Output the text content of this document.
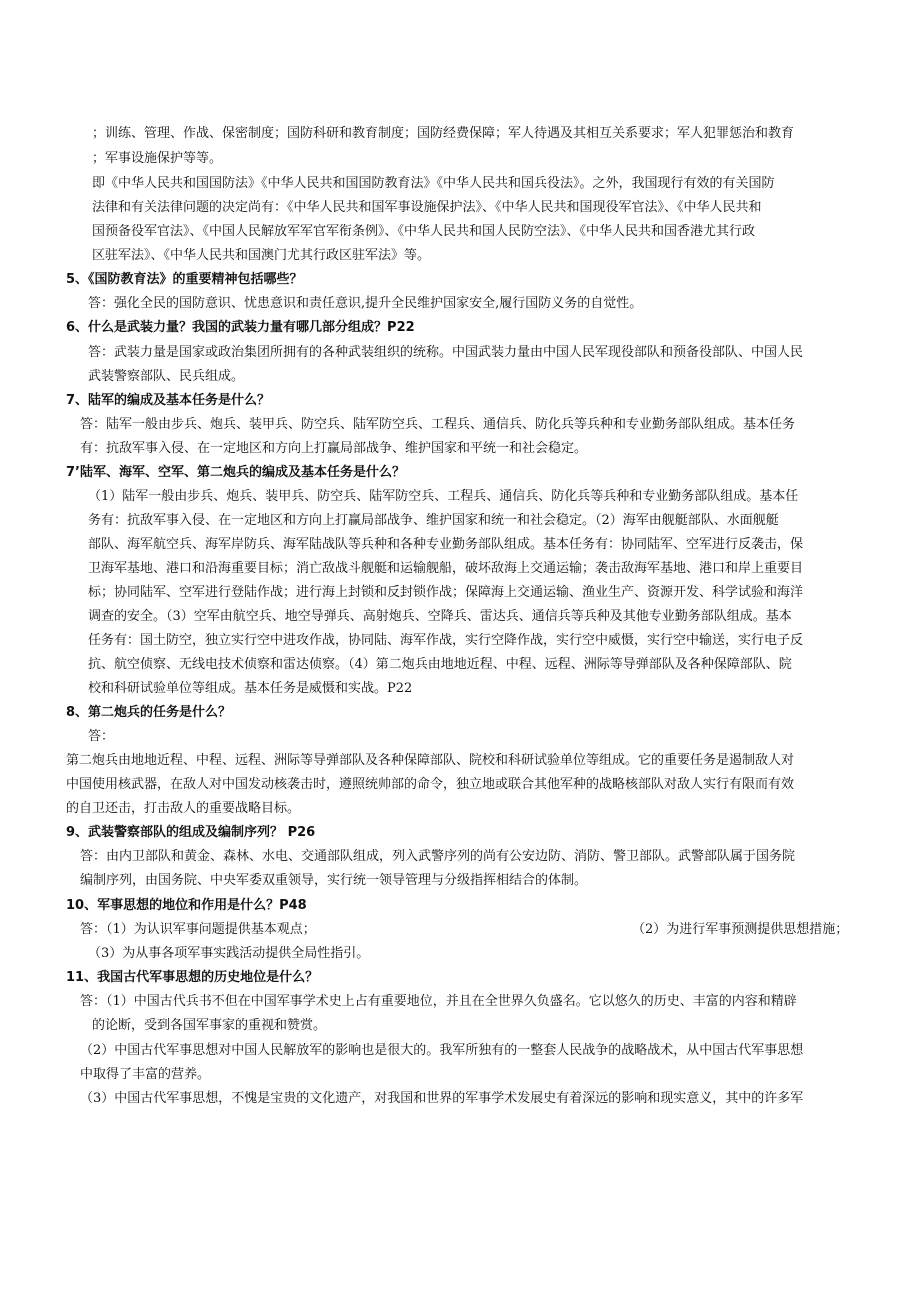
；训练、管理、作战、保密制度；国防科研和教育制度；国防经费保障；军人待遇及其相互关系要求；军人犯罪惩治和教育
；军事设施保护等等。
即《中华人民共和国国防法》《中华人民共和国国防教育法》《中华人民共和国兵役法》。之外，我国现行有效的有关国防
法律和有关法律问题的决定尚有：《中华人民共和国军事设施保护法》、《中华人民共和国现役军官法》、《中华人民共和
国预备役军官法》、《中国人民解放军军官军衔条例》、《中华人民共和国人民防空法》、《中华人民共和国香港尤其行政
区驻军法》、《中华人民共和国澳门尤其行政区驻军法》等。
5、《国防教育法》的重要精神包括哪些？
答：强化全民的国防意识、忧患意识和责任意识,提升全民维护国家安全,履行国防义务的自觉性。
6、什么是武装力量？我国的武装力量有哪几部分组成？P22
答：武装力量是国家或政治集团所拥有的各种武装组织的统称。中国武装力量由中国人民军现役部队和预备役部队、中国人民
武装警察部队、民兵组成。
7、陆军的编成及基本任务是什么？
答：陆军一般由步兵、炮兵、装甲兵、防空兵、陆军防空兵、工程兵、通信兵、防化兵等兵种和专业勤务部队组成。基本任务
有：抗敌军事入侵、在一定地区和方向上打赢局部战争、维护国家和平统一和社会稳定。
7’陆军、海军、空军、第二炮兵的编成及基本任务是什么？
（1）陆军一般由步兵、炮兵、装甲兵、防空兵、陆军防空兵、工程兵、通信兵、防化兵等兵种和专业勤务部队组成。基本任
务有：抗敌军事入侵、在一定地区和方向上打赢局部战争、维护国家和统一和社会稳定。（2）海军由舰艇部队、水面舰艇
部队、海军航空兵、海军岸防兵、海军陆战队等兵种和各种专业勤务部队组成。基本任务有：协同陆军、空军进行反袭击，保
卫海军基地、港口和沿海重要目标；消亡敌战斗舰艇和运输舰船，破坏敌海上交通运输；袭击敌海军基地、港口和岸上重要目
标；协同陆军、空军进行登陆作战；进行海上封锁和反封锁作战；保障海上交通运输、渔业生产、资源开发、科学试验和海洋
调查的安全。（3）空军由航空兵、地空导弹兵、高射炮兵、空降兵、雷达兵、通信兵等兵种及其他专业勤务部队组成。基本
任务有：国土防空，独立实行空中进攻作战，协同陆、海军作战，实行空降作战，实行空中威慑，实行空中输送，实行电子反
抗、航空侦察、无线电技术侦察和雷达侦察。（4）第二炮兵由地地近程、中程、远程、洲际等导弹部队及各种保障部队、院
校和科研试验单位等组成。基本任务是威慑和实战。P22
8、第二炮兵的任务是什么？
答：
第二炮兵由地地近程、中程、远程、洲际等导弹部队及各种保障部队、院校和科研试验单位等组成。它的重要任务是遏制敌人对
中国使用核武器，在敌人对中国发动核袭击时，遵照统帅部的命令，独立地或联合其他军种的战略核部队对敌人实行有限而有效
的自卫还击，打击敌人的重要战略目标。
9、武装警察部队的组成及编制序列？ P26
答：由内卫部队和黄金、森林、水电、交通部队组成，列入武警序列的尚有公安边防、消防、警卫部队。武警部队属于国务院
编制序列，由国务院、中央军委双重领导，实行统一领导管理与分级指挥相结合的体制。
10、军事思想的地位和作用是什么？P48
答：（1）为认识军事问题提供基本观点；	（2）为进行军事预测提供思想措施；
（3）为从事各项军事实践活动提供全局性指引。
11、我国古代军事思想的历史地位是什么？
答：（1）中国古代兵书不但在中国军事学术史上占有重要地位，并且在全世界久负盛名。它以悠久的历史、丰富的内容和精辟
的论断，受到各国军事家的重视和赞赏。
（2）中国古代军事思想对中国人民解放军的影响也是很大的。我军所独有的一整套人民战争的战略战术，从中国古代军事思想
中取得了丰富的营养。
（3）中国古代军事思想，不愧是宝贵的文化遗产，对我国和世界的军事学术发展史有着深远的影响和现实意义，其中的许多军
